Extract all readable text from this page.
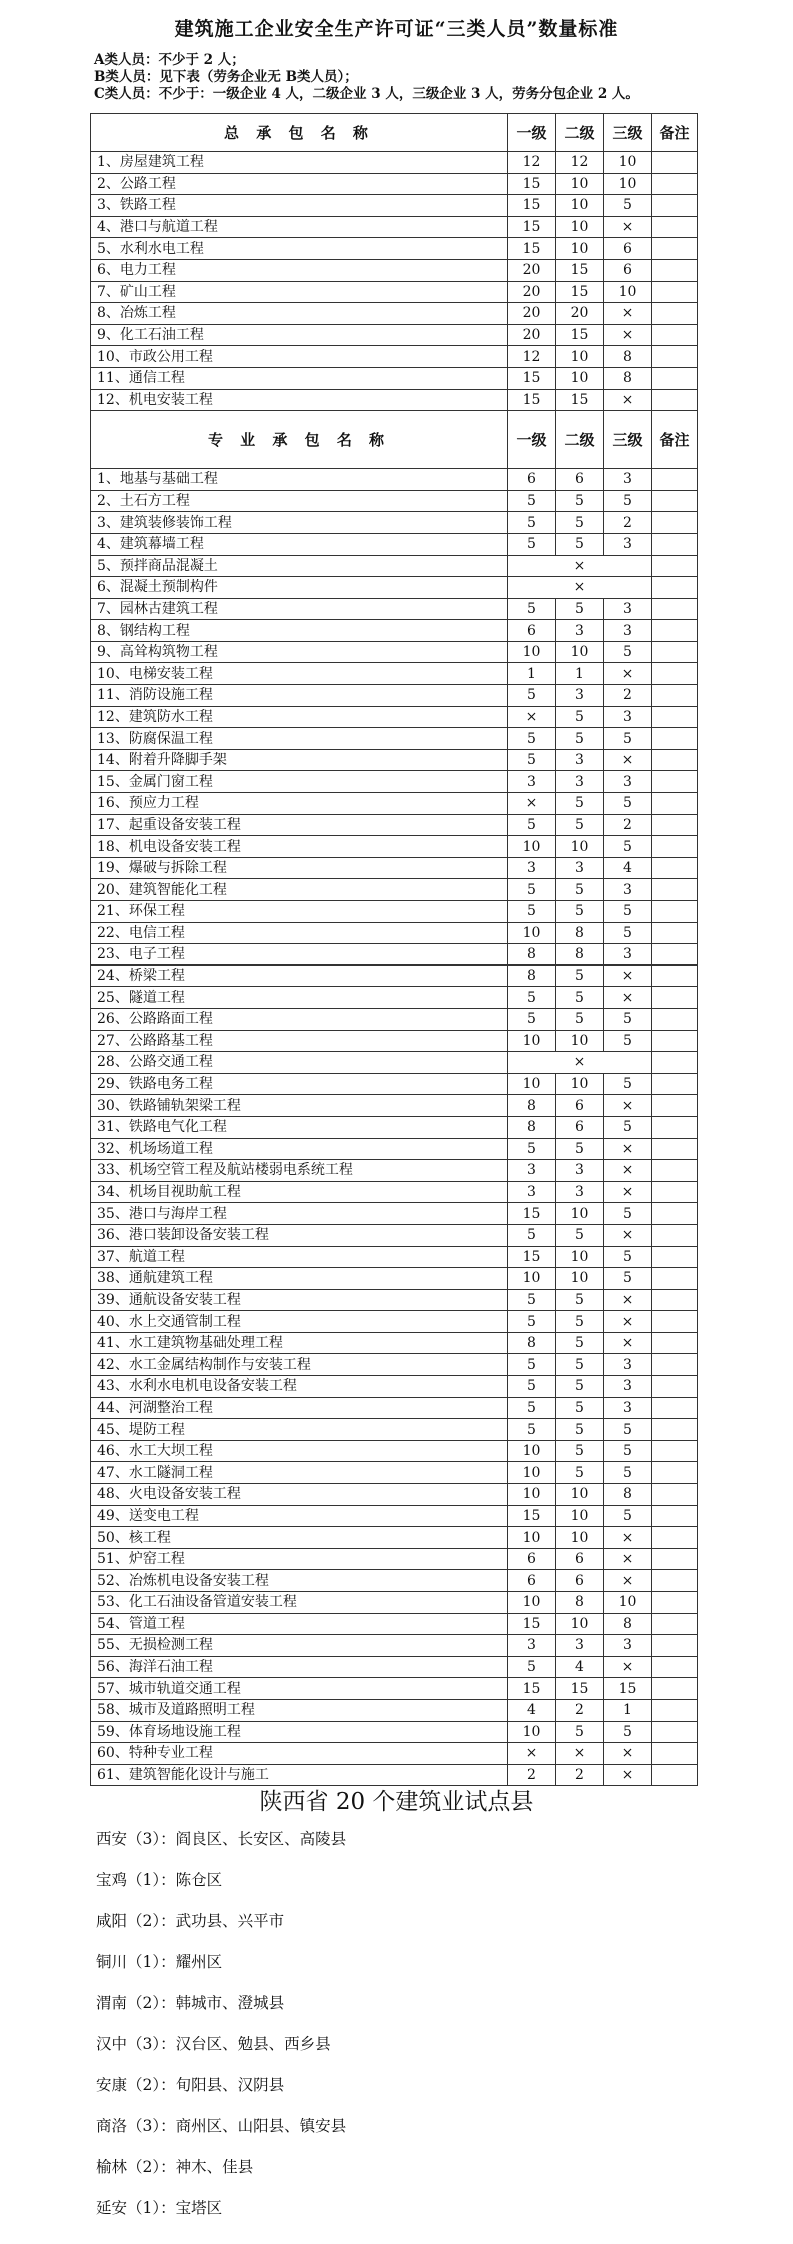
建筑施工企业安全生产许可证“三类人员”数量标准
A类人员：不少于 2 人；
B类人员：见下表（劳务企业无 B类人员）；
C类人员：不少于：一级企业 4 人，二级企业 3 人，三级企业 3 人，劳务分包企业 2 人。
总 承 包 名 称	一级	二级	三级	备注
1、房屋建筑工程	12	12	10	
2、公路工程	15	10	10	
3、铁路工程	15	10	5	
4、港口与航道工程	15	10	×	
5、水利水电工程	15	10	6	
6、电力工程	20	15	6	
7、矿山工程	20	15	10	
8、冶炼工程	20	20	×	
9、化工石油工程	20	15	×	
10、市政公用工程	12	10	8	
11、通信工程	15	10	8	
12、机电安装工程	15	15	×	
专 业 承 包 名 称	一级	二级	三级	备注
1、地基与基础工程	6	6	3	
2、土石方工程	5	5	5	
3、建筑装修装饰工程	5	5	2	
4、建筑幕墙工程	5	5	3	
5、预拌商品混凝土	×			
6、混凝土预制构件	×			
7、园林古建筑工程	5	5	3	
8、钢结构工程	6	3	3	
9、高耸构筑物工程	10	10	5	
10、电梯安装工程	1	1	×	
11、消防设施工程	5	3	2	
12、建筑防水工程	×	5	3	
13、防腐保温工程	5	5	5	
14、附着升降脚手架	5	3	×	
15、金属门窗工程	3	3	3	
16、预应力工程	×	5	5	
17、起重设备安装工程	5	5	2	
18、机电设备安装工程	10	10	5	
19、爆破与拆除工程	3	3	4	
20、建筑智能化工程	5	5	3	
21、环保工程	5	5	5	
22、电信工程	10	8	5	
23、电子工程	8	8	3	
24、桥梁工程	8	5	×	
25、隧道工程	5	5	×	
26、公路路面工程	5	5	5	
27、公路路基工程	10	10	5	
28、公路交通工程	×			
29、铁路电务工程	10	10	5	
30、铁路铺轨架梁工程	8	6	×	
31、铁路电气化工程	8	6	5	
32、机场场道工程	5	5	×	
33、机场空管工程及航站楼弱电系统工程	3	3	×	
34、机场目视助航工程	3	3	×	
35、港口与海岸工程	15	10	5	
36、港口装卸设备安装工程	5	5	×	
37、航道工程	15	10	5	
38、通航建筑工程	10	10	5	
39、通航设备安装工程	5	5	×	
40、水上交通管制工程	5	5	×	
41、水工建筑物基础处理工程	8	5	×	
42、水工金属结构制作与安装工程	5	5	3	
43、水利水电机电设备安装工程	5	5	3	
44、河湖整治工程	5	5	3	
45、堤防工程	5	5	5	
46、水工大坝工程	10	5	5	
47、水工隧洞工程	10	5	5	
48、火电设备安装工程	10	10	8	
49、送变电工程	15	10	5	
50、核工程	10	10	×	
51、炉窑工程	6	6	×	
52、冶炼机电设备安装工程	6	6	×	
53、化工石油设备管道安装工程	10	8	10	
54、管道工程	15	10	8	
55、无损检测工程	3	3	3	
56、海洋石油工程	5	4	×	
57、城市轨道交通工程	15	15	15	
58、城市及道路照明工程	4	2	1	
59、体育场地设施工程	10	5	5	
60、特种专业工程	×	×	×	
61、建筑智能化设计与施工	2	2	×	
陕西省 20 个建筑业试点县
西安（3）：阎良区、长安区、高陵县
宝鸡（1）：陈仓区
咸阳（2）：武功县、兴平市
铜川（1）：耀州区
渭南（2）：韩城市、澄城县
汉中（3）：汉台区、勉县、西乡县
安康（2）：旬阳县、汉阴县
商洛（3）：商州区、山阳县、镇安县
榆林（2）：神木、佳县
延安（1）：宝塔区
